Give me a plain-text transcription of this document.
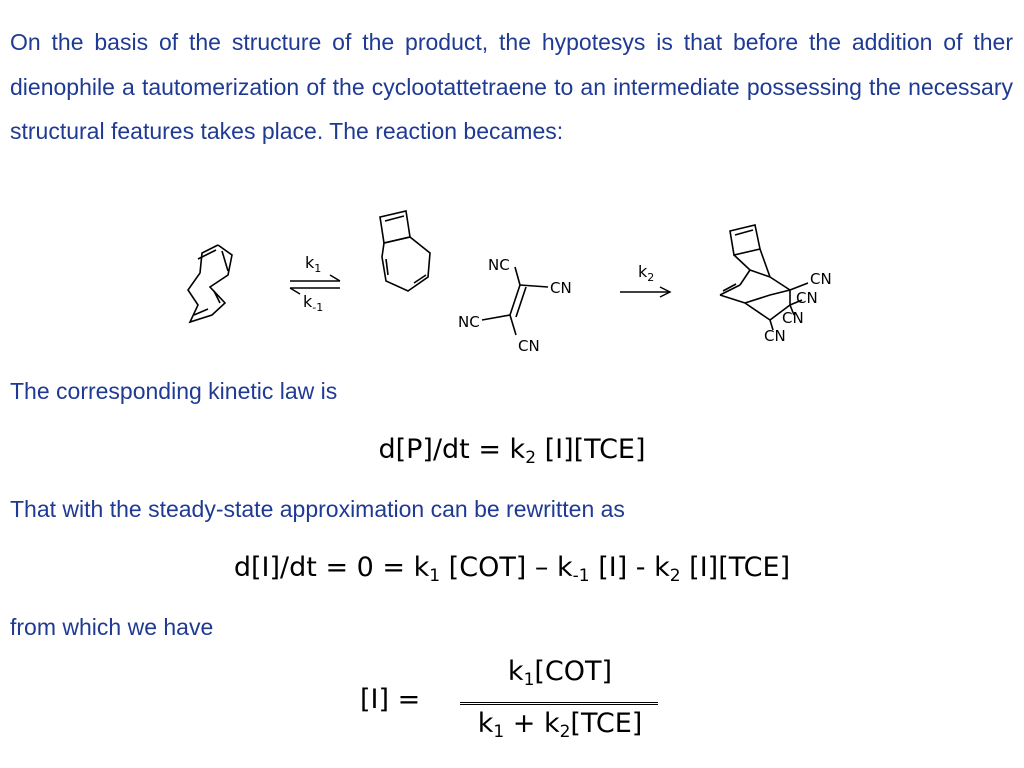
On the basis of the structure of the product, the hypotesys is that before the addition of ther dienophile a tautomerization of the cyclootattetraene to an intermediate possessing the necessary structural features takes place. The reaction becames:

$k_1$
$k_{-1}$
NC
CN
NC
CN
$k_2$	CN
CN
CN
CN

The corresponding kinetic law is

$d[P]/dt = k_2$ [I][TCE]

That with the steady-state approximation can be rewritten as

$d[I]/dt = 0 = k_1$ $[COT] - k_{-1}$ $[I] - k_2$ [I][TCE]

from which we have

[I] =
$k_1[COT]$
$k_1 + k_2[TCE]$
